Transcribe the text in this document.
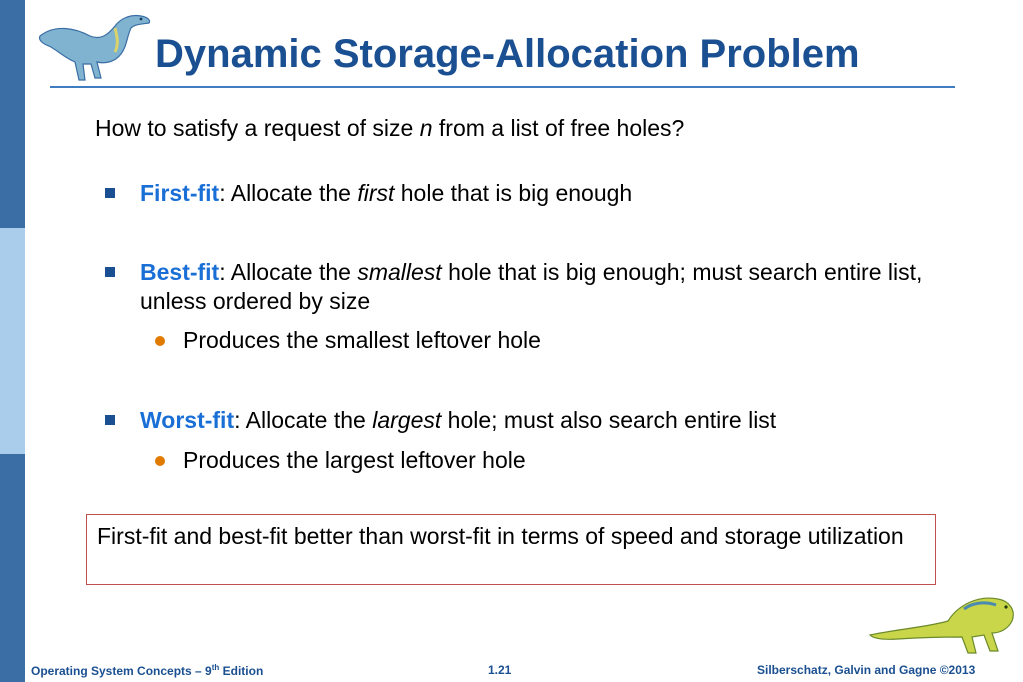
Dynamic Storage-Allocation Problem
How to satisfy a request of size n from a list of free holes?
First-fit: Allocate the first hole that is big enough
Best-fit: Allocate the smallest hole that is big enough; must search entire list, unless ordered by size
Produces the smallest leftover hole
Worst-fit: Allocate the largest hole; must also search entire list
Produces the largest leftover hole
First-fit and best-fit better than worst-fit in terms of speed and storage utilization
Operating System Concepts – 9th Edition	1.21	Silberschatz, Galvin and Gagne ©2013
